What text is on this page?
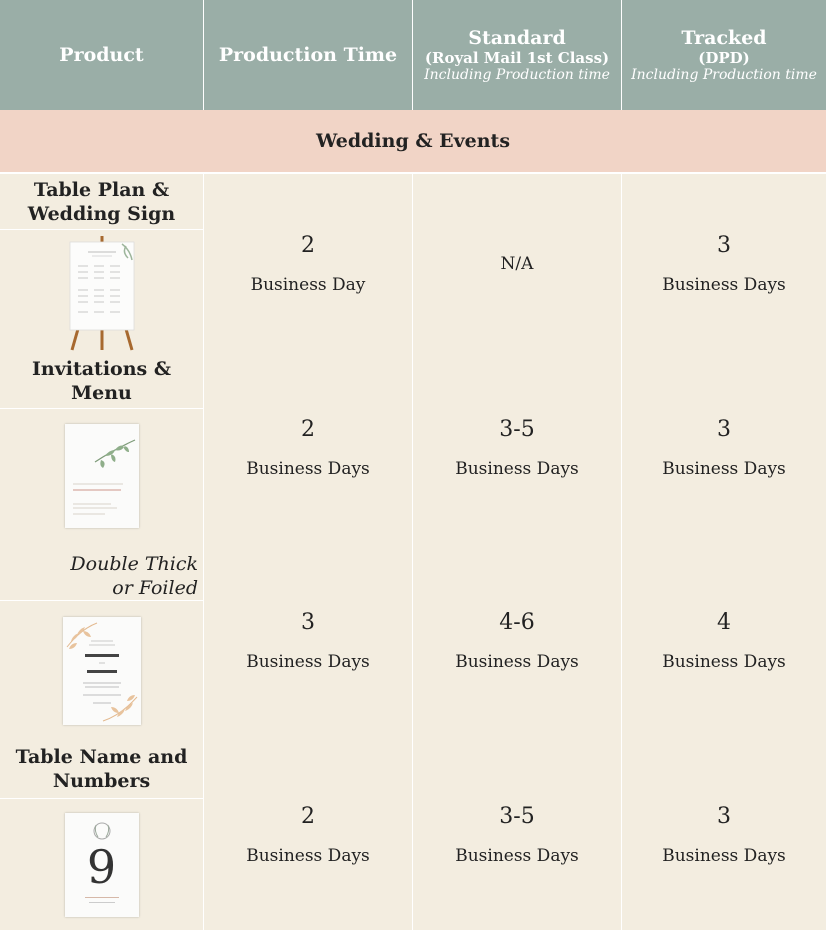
Product	Production Time
Standard
(Royal Mail 1st Class)
Including Production time
Tracked
(DPD)
Including Production time
Wedding & Events
Table Plan &
Wedding Sign
2
Business Day
N/A
3
Business Days
Invitations & Menu
2
Business Days
3-5
Business Days
3
Business Days
Double Thick
or Foiled
3
Business Days
4-6
Business Days
4
Business Days
Table Name and
Numbers
9
2
Business Days
3-5
Business Days
3
Business Days
